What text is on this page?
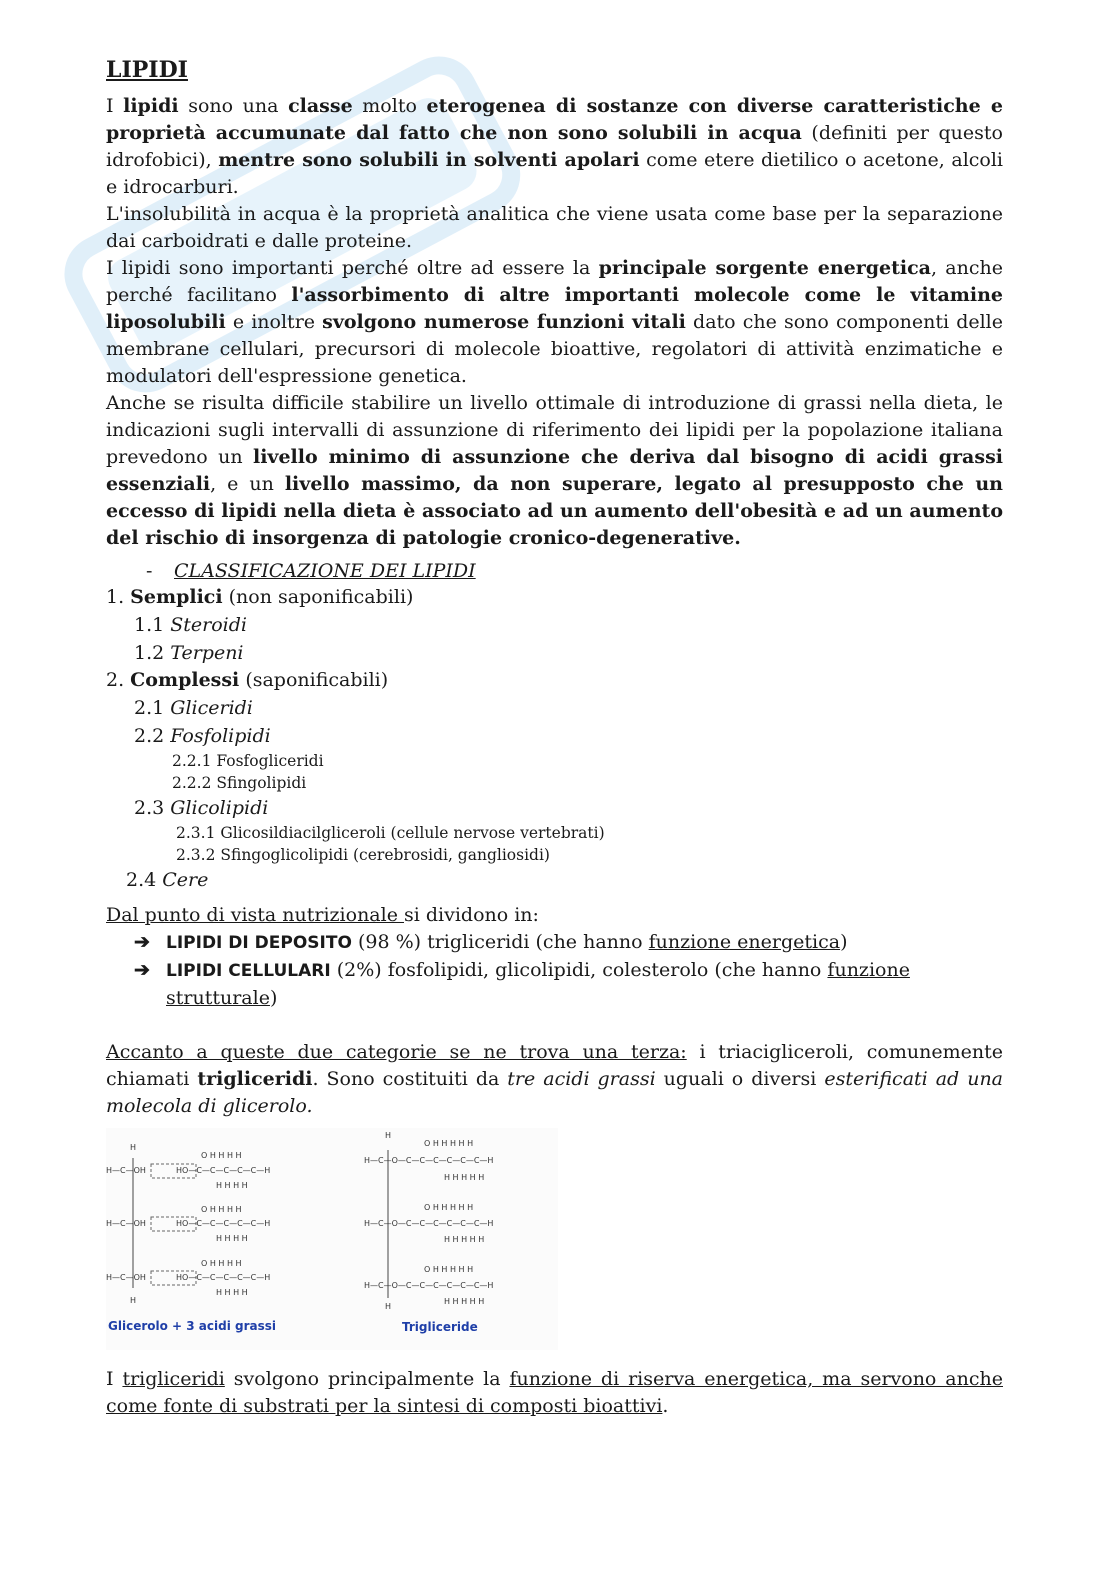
LIPIDI

I lipidi sono una classe molto eterogenea di sostanze con diverse caratteristiche e proprietà accumunate dal fatto che non sono solubili in acqua (definiti per questo idrofobici), mentre sono solubili in solventi apolari come etere dietilico o acetone, alcoli e idrocarburi.

L'insolubilità in acqua è la proprietà analitica che viene usata come base per la separazione dai carboidrati e dalle proteine.

I lipidi sono importanti perché oltre ad essere la principale sorgente energetica, anche perché facilitano l'assorbimento di altre importanti molecole come le vitamine liposolubili e inoltre svolgono numerose funzioni vitali dato che sono componenti delle membrane cellulari, precursori di molecole bioattive, regolatori di attività enzimatiche e modulatori dell'espressione genetica.

Anche se risulta difficile stabilire un livello ottimale di introduzione di grassi nella dieta, le indicazioni sugli intervalli di assunzione di riferimento dei lipidi per la popolazione italiana prevedono un livello minimo di assunzione che deriva dal bisogno di acidi grassi essenziali, e un livello massimo, da non superare, legato al presupposto che un eccesso di lipidi nella dieta è associato ad un aumento dell'obesità e ad un aumento del rischio di insorgenza di patologie cronico-degenerative.

- CLASSIFICAZIONE DEI LIPIDI
1. Semplici (non saponificabili)
1.1 Steroidi
1.2 Terpeni
2. Complessi (saponificabili)
2.1 Gliceridi
2.2 Fosfolipidi
2.2.1 Fosfogliceridi
2.2.2 Sfingolipidi
2.3 Glicolipidi
2.3.1 Glicosildiacilgliceroli (cellule nervose vertebrati)
2.3.2 Sfingoglicolipidi (cerebrosidi, gangliosidi)
2.4 Cere

Dal punto di vista nutrizionale si dividono in:

➔ LIPIDI DI DEPOSITO (98 %) trigliceridi (che hanno funzione energetica)
➔ LIPIDI CELLULARI (2%) fosfolipidi, glicolipidi, colesterolo (che hanno funzione strutturale)

Accanto a queste due categorie se ne trova una terza: i triacigliceroli, comunemente chiamati trigliceridi. Sono costituiti da tre acidi grassi uguali o diversi esterificati ad una molecola di glicerolo.

H—C—OH	HO—C—C—C—C—C—H
O H H H H
H H H H
H—C—OH	HO—C—C—C—C—C—H
O H H H H
H H H H
H—C—OH	HO—C—C—C—C—C—H
O H H H H
H H H H
H
H
H—C—O—C—C—C—C—C—C—H
O H H H H H
H H H H H
H
H—C—O—C—C—C—C—C—C—H
O H H H H H
H H H H H
H—C—O—C—C—C—C—C—C—H
O H H H H H
H H H H H
H
Glicerolo + 3 acidi grassi	Trigliceride

I trigliceridi svolgono principalmente la funzione di riserva energetica, ma servono anche come fonte di substrati per la sintesi di composti bioattivi.
